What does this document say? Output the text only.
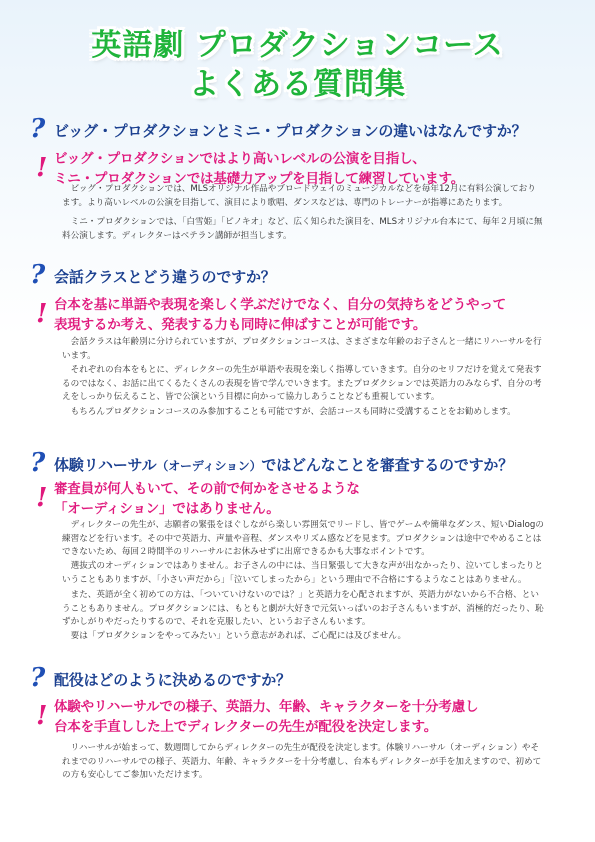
英語劇 プロダクションコース
よくある質問集
? ビッグ・プロダクションとミニ・プロダクションの違いはなんですか？
! ビッグ・プロダクションではより高いレベルの公演を目指し、
ミニ・プロダクションでは基礎力アップを目指して練習しています。

ビッグ・プロダクションでは、MLSオリジナル作品やブロードウェイのミュージカルなどを毎年12月に有料公演しております。より高いレベルの公演を目指して、演目により歌唱、ダンスなどは、専門のトレーナーが指導にあたります。

ミニ・プロダクションでは、「白雪姫」「ピノキオ」など、広く知られた演目を、MLSオリジナル台本にて、毎年２月頃に無料公演します。ディレクターはベテラン講師が担当します。

? 会話クラスとどう違うのですか？
! 台本を基に単語や表現を楽しく学ぶだけでなく、自分の気持ちをどうやって
表現するか考え、発表する力も同時に伸ばすことが可能です。

会話クラスは年齢別に分けられていますが、プロダクションコースは、さまざまな年齢のお子さんと一緒にリハーサルを行います。

それぞれの台本をもとに、ディレクターの先生が単語や表現を楽しく指導していきます。自分のセリフだけを覚えて発表するのではなく、お話に出てくるたくさんの表現を皆で学んでいきます。またプロダクションでは英語力のみならず、自分の考えをしっかり伝えること、皆で公演という目標に向かって協力しあうことなども重視しています。

もちろんプロダクションコースのみ参加することも可能ですが、会話コースも同時に受講することをお勧めします。

? 体験リハーサル（オーディション）ではどんなことを審査するのですか？
! 審査員が何人もいて、その前で何かをさせるような
「オーディション」ではありません。

ディレクターの先生が、志願者の緊張をほぐしながら楽しい雰囲気でリードし、皆でゲームや簡単なダンス、短いDialogの練習などを行います。その中で英語力、声量や音程、ダンスやリズム感などを見ます。プロダクションは途中でやめることはできないため、毎回２時間半のリハーサルにお休みせずに出席できるかも大事なポイントです。

選抜式のオーディションではありません。お子さんの中には、当日緊張して大きな声が出なかったり、泣いてしまったりということもありますが、「小さい声だから」「泣いてしまったから」という理由で不合格にするようなことはありません。

また、英語が全く初めての方は、「ついていけないのでは？」と英語力を心配されますが、英語力がないから不合格、ということもありません。プロダクションには、もともと劇が大好きで元気いっぱいのお子さんもいますが、消極的だったり、恥ずかしがりやだったりするので、それを克服したい、というお子さんもいます。

要は「プロダクションをやってみたい」という意志があれば、ご心配には及びません。

? 配役はどのように決めるのですか？
! 体験やリハーサルでの様子、英語力、年齢、キャラクターを十分考慮し
台本を手直しした上でディレクターの先生が配役を決定します。

リハーサルが始まって、数週間してからディレクターの先生が配役を決定します。体験リハーサル（オーディション）やそれまでのリハーサルでの様子、英語力、年齢、キャラクターを十分考慮し、台本もディレクターが手を加えますので、初めての方も安心してご参加いただけます。
